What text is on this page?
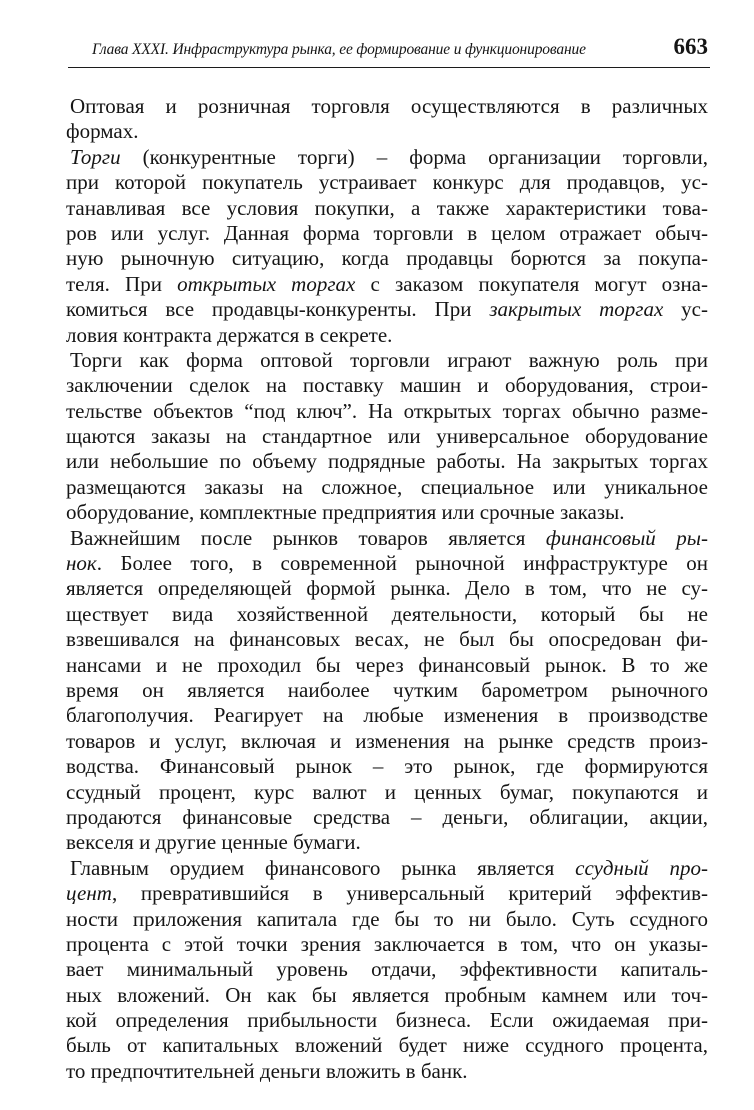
Глава XXXI. Инфраструктура рынка, ее формирование и функционирование	663
Оптовая и розничная торговля осуществляются в различных
формах.
Торги (конкурентные торги) – форма организации торговли,
при которой покупатель устраивает конкурс для продавцов, ус-
танавливая все условия покупки, а также характеристики това-
ров или услуг. Данная форма торговли в целом отражает обыч-
ную рыночную ситуацию, когда продавцы борются за покупа-
теля. При открытых торгах с заказом покупателя могут озна-
комиться все продавцы-конкуренты. При закрытых торгах ус-
ловия контракта держатся в секрете.
Торги как форма оптовой торговли играют важную роль при
заключении сделок на поставку машин и оборудования, строи-
тельстве объектов “под ключ”. На открытых торгах обычно разме-
щаются заказы на стандартное или универсальное оборудование
или небольшие по объему подрядные работы. На закрытых торгах
размещаются заказы на сложное, специальное или уникальное
оборудование, комплектные предприятия или срочные заказы.
Важнейшим после рынков товаров является финансовый ры-
нок. Более того, в современной рыночной инфраструктуре он
является определяющей формой рынка. Дело в том, что не су-
ществует вида хозяйственной деятельности, который бы не
взвешивался на финансовых весах, не был бы опосредован фи-
нансами и не проходил бы через финансовый рынок. В то же
время он является наиболее чутким барометром рыночного
благополучия. Реагирует на любые изменения в производстве
товаров и услуг, включая и изменения на рынке средств произ-
водства. Финансовый рынок – это рынок, где формируются
ссудный процент, курс валют и ценных бумаг, покупаются и
продаются финансовые средства – деньги, облигации, акции,
векселя и другие ценные бумаги.
Главным орудием финансового рынка является ссудный про-
цент, превратившийся в универсальный критерий эффектив-
ности приложения капитала где бы то ни было. Суть ссудного
процента с этой точки зрения заключается в том, что он указы-
вает минимальный уровень отдачи, эффективности капиталь-
ных вложений. Он как бы является пробным камнем или точ-
кой определения прибыльности бизнеса. Если ожидаемая при-
быль от капитальных вложений будет ниже ссудного процента,
то предпочтительней деньги вложить в банк.
